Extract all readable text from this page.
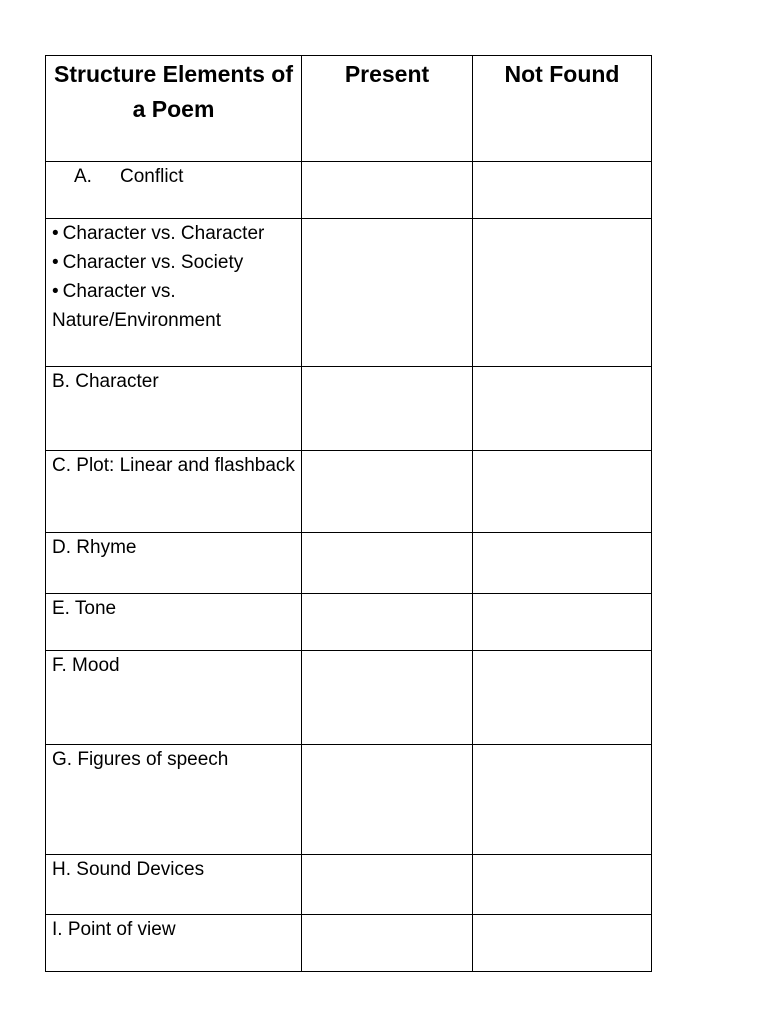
Structure Elements of a Poem	Present	Not Found
A. Conflict		

• Character vs. Character
• Character vs. Society
• Character vs. Nature/Environment		

B. Character		
C. Plot: Linear and flashback		
D. Rhyme		
E. Tone		
F. Mood		
G. Figures of speech		
H. Sound Devices		
I. Point of view		
